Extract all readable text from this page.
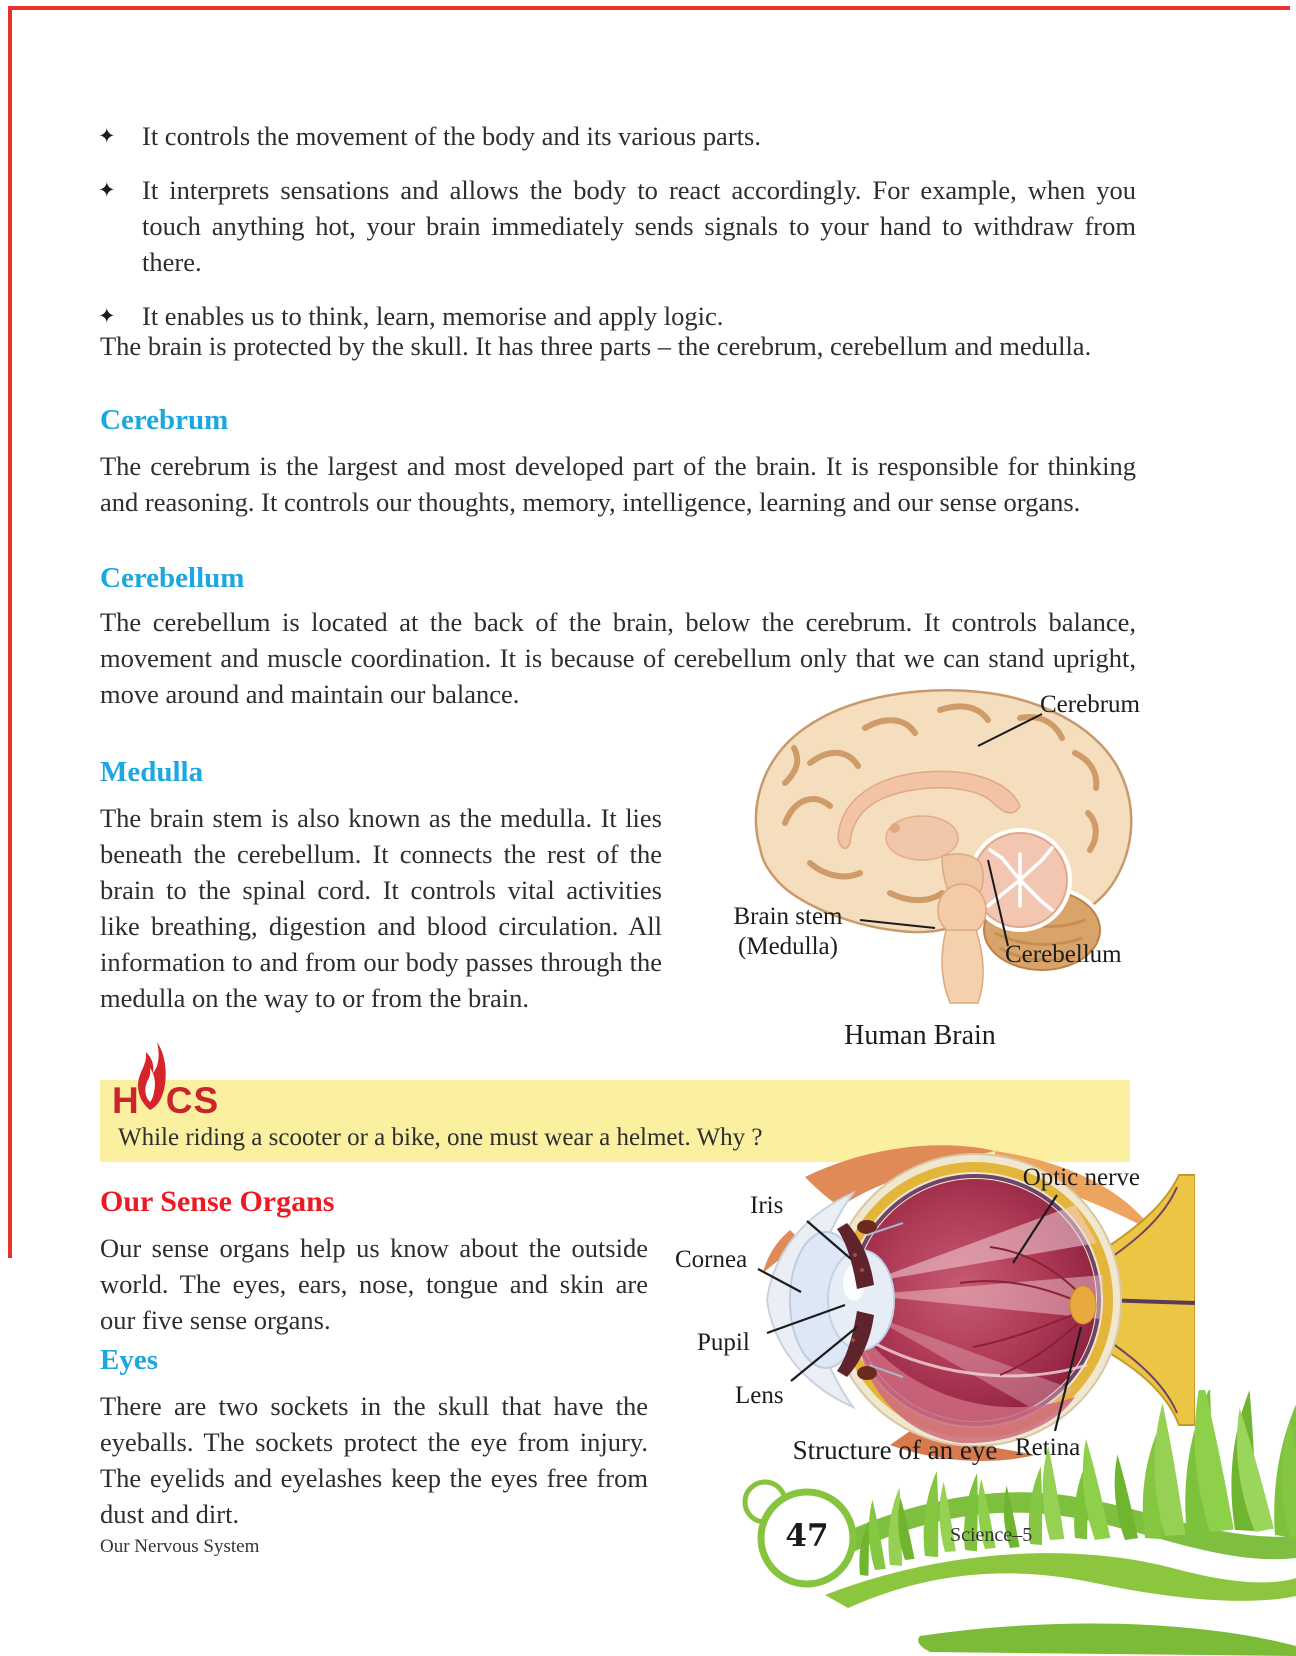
✦ It controls the movement of the body and its various parts.
✦ It interprets sensations and allows the body to react accordingly. For example, when you touch anything hot, your brain immediately sends signals to your hand to withdraw from there.
✦ It enables us to think, learn, memorise and apply logic.

The brain is protected by the skull. It has three parts – the cerebrum, cerebellum and medulla.

Cerebrum

The cerebrum is the largest and most developed part of the brain. It is responsible for thinking and reasoning. It controls our thoughts, memory, intelligence, learning and our sense organs.

Cerebellum

The cerebellum is located at the back of the brain, below the cerebrum. It controls balance, movement and muscle coordination. It is because of cerebellum only that we can stand upright, move around and maintain our balance.

Medulla

The brain stem is also known as the medulla. It lies beneath the cerebellum. It connects the rest of the brain to the spinal cord. It controls vital activities like breathing, digestion and blood circulation. All information to and from our body passes through the medulla on the way to or from the brain.

Cerebrum
Brain stem
(Medulla)	Cerebellum
Human Brain
H CS
While riding a scooter or a bike, one must wear a helmet. Why ?
Our Sense Organs

Our sense organs help us know about the outside world. The eyes, ears, nose, tongue and skin are our five sense organs.

Eyes

There are two sockets in the skull that have the eyeballs. The sockets protect the eye from injury. The eyelids and eyelashes keep the eyes free from dust and dirt.

Iris
Optic nerve
Cornea
Pupil
Lens
Retina
Structure of an eye
Our Nervous System	47	Science–5
